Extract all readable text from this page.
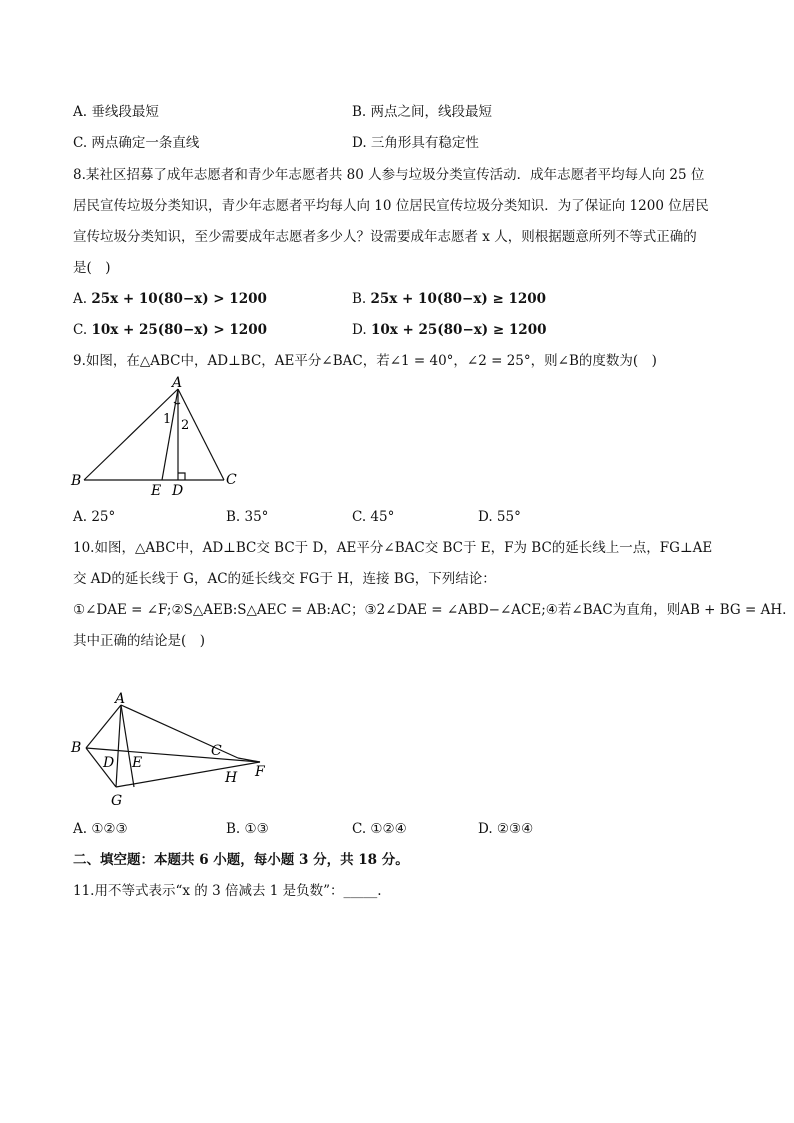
A. 垂线段最短	B. 两点之间，线段最短
C. 两点确定一条直线	D. 三角形具有稳定性
8.某社区招募了成年志愿者和青少年志愿者共 80 人参与垃圾分类宣传活动．成年志愿者平均每人向 25 位
居民宣传垃圾分类知识，青少年志愿者平均每人向 10 位居民宣传垃圾分类知识．为了保证向 1200 位居民
宣传垃圾分类知识，至少需要成年志愿者多少人？设需要成年志愿者 x 人，则根据题意所列不等式正确的
是(　)
A. 25x + 10(80−x) > 1200	B. 25x + 10(80−x) ≥ 1200
C. 10x + 25(80−x) > 1200	D. 10x + 25(80−x) ≥ 1200
9.如图，在△ABC中，AD⊥BC，AE平分∠BAC，若∠1 = 40°，∠2 = 25°，则∠B的度数为(　)
A
B	C
D
E
1 2
A. 25°	B. 35°	C. 45°	D. 55°
10.如图，△ABC中，AD⊥BC交 BC于 D，AE平分∠BAC交 BC于 E，F为 BC的延长线上一点，FG⊥AE
交 AD的延长线于 G，AC的延长线交 FG于 H，连接 BG，下列结论：
①∠DAE = ∠F;②S△AEB:S△AEC = AB:AC；③2∠DAE = ∠ABD−∠ACE;④若∠BAC为直角，则AB + BG = AH.
其中正确的结论是(　)
A
B	C
D E
F
G
H
A. ①②③	B. ①③	C. ①②④	D. ②③④
二、填空题：本题共 6 小题，每小题 3 分，共 18 分。
11.用不等式表示“x 的 3 倍减去 1 是负数”：_____.
